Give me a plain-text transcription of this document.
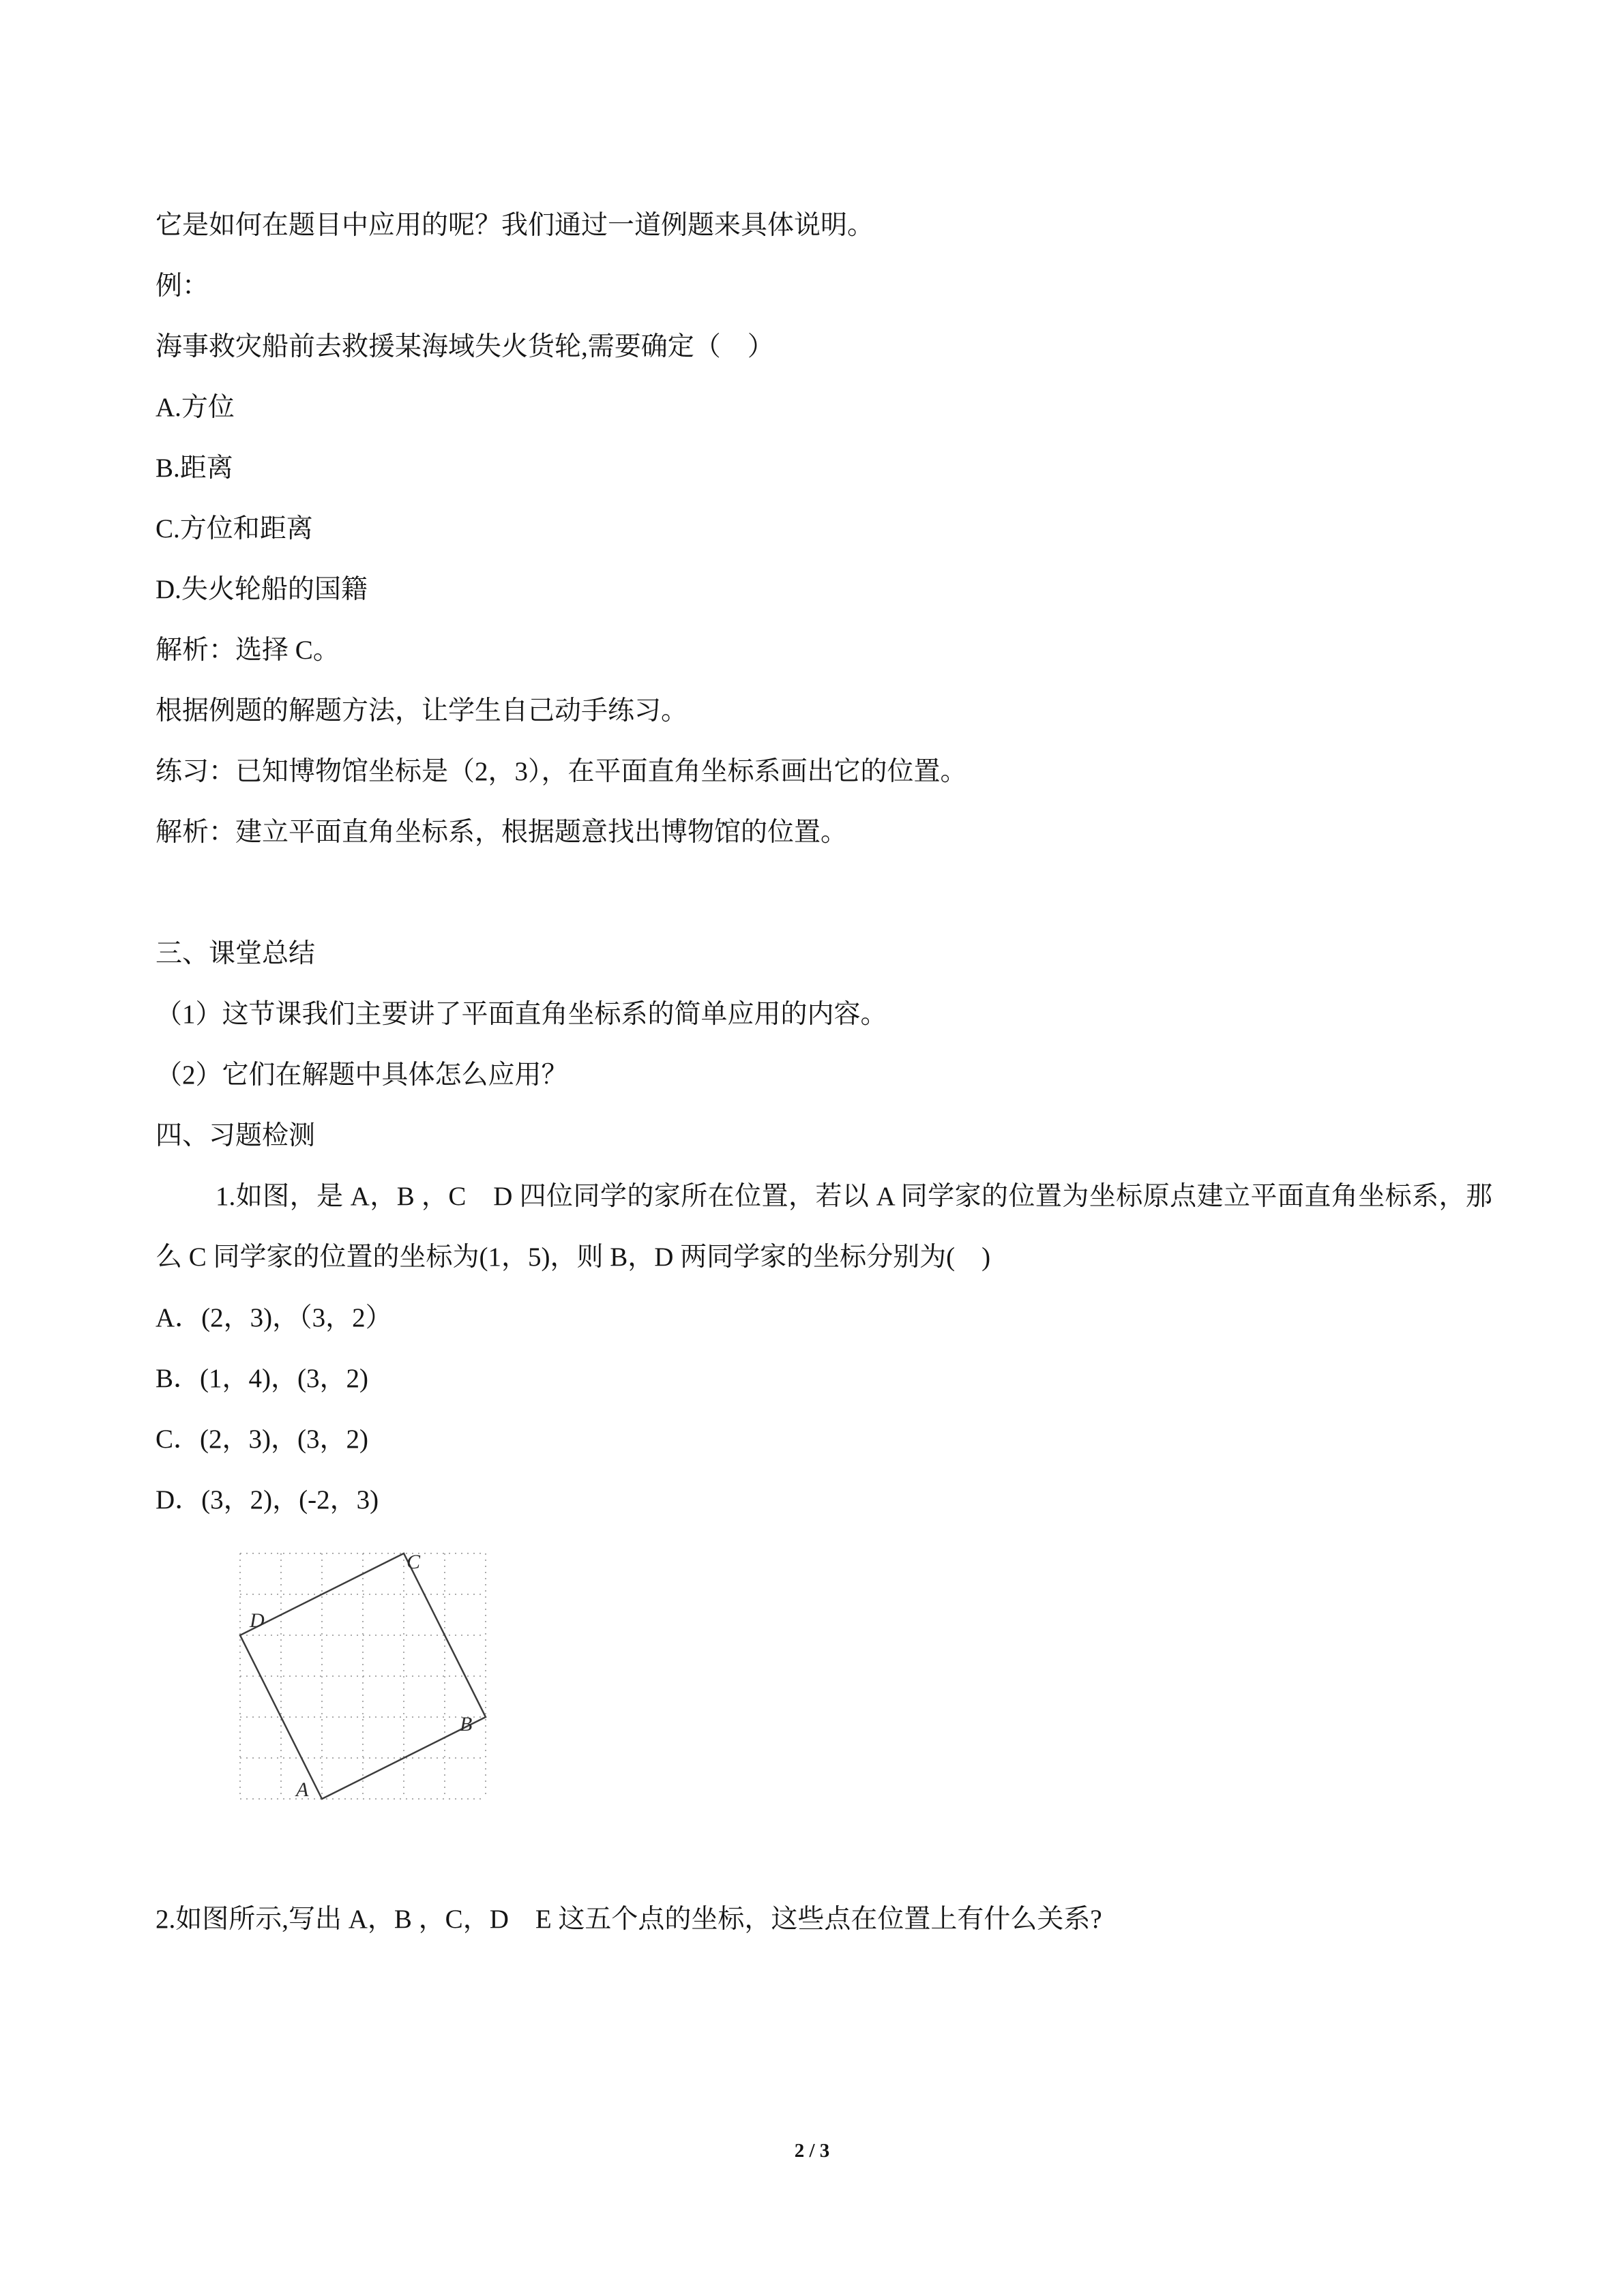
它是如何在题目中应用的呢？我们通过一道例题来具体说明。

例：

海事救灾船前去救援某海域失火货轮,需要确定（　）

A.方位

B.距离

C.方位和距离

D.失火轮船的国籍

解析：选择 C。

根据例题的解题方法，让学生自己动手练习。

练习：已知博物馆坐标是（2，3），在平面直角坐标系画出它的位置。

解析：建立平面直角坐标系，根据题意找出博物馆的位置。

三、课堂总结

（1）这节课我们主要讲了平面直角坐标系的简单应用的内容。

（2）它们在解题中具体怎么应用？

四、习题检测

1.如图，是 A，B ，C　D 四位同学的家所在位置，若以 A 同学家的位置为坐标原点建立平面直角坐标系，那么 C 同学家的位置的坐标为(1，5)，则 B，D 两同学家的坐标分别为(　)

A．(2，3)，（3，2）

B．(1，4)，(3，2)

C．(2，3)，(3，2)

D．(3，2)，(-2，3)

C
D
A
B

2.如图所示,写出 A，B ，C，D　E 这五个点的坐标，这些点在位置上有什么关系?

2 / 3
